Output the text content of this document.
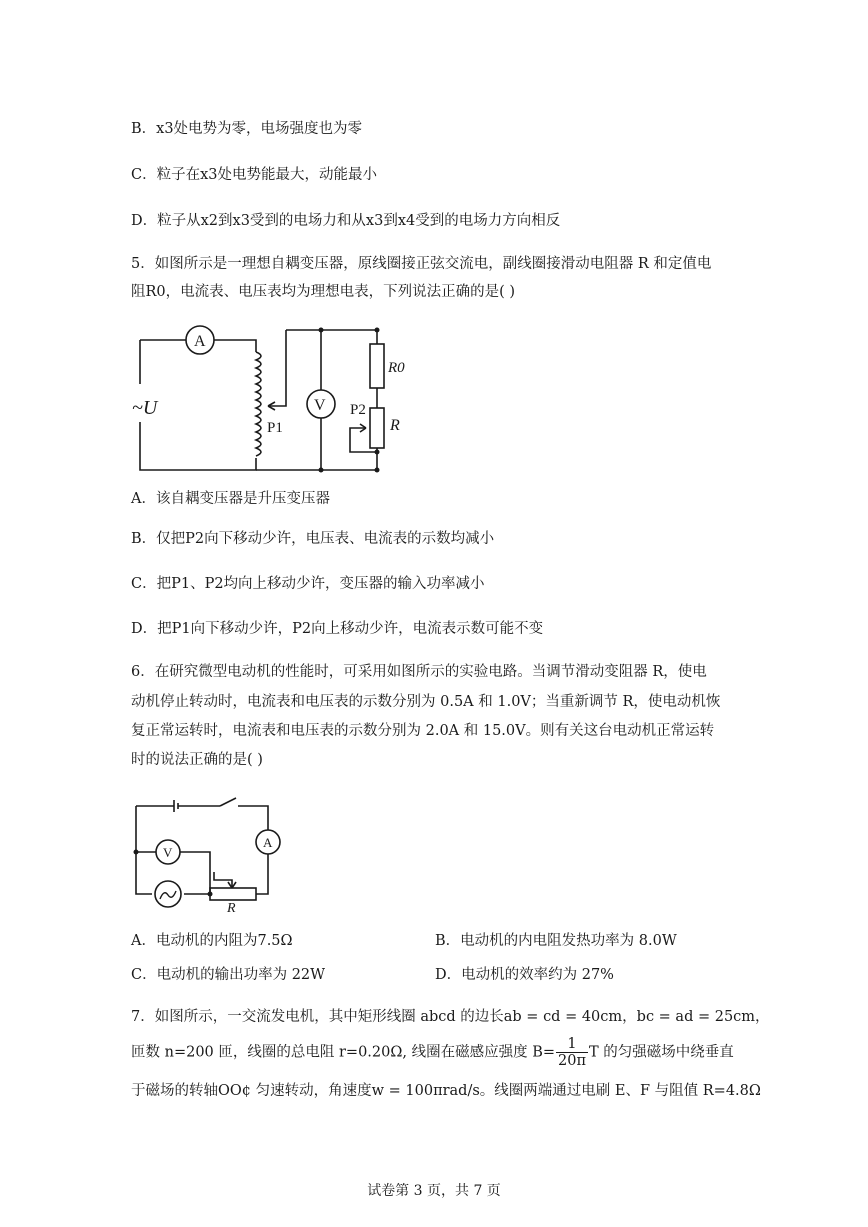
B．x3处电势为零，电场强度也为零
C．粒子在x3处电势能最大，动能最小
D．粒子从x2到x3受到的电场力和从x3到x4受到的电场力方向相反
5．如图所示是一理想自耦变压器，原线圈接正弦交流电，副线圈接滑动电阻器 R 和定值电
阻R0，电流表、电压表均为理想电表，下列说法正确的是( )
A
V
~U
P1
P2
R0
R
A．该自耦变压器是升压变压器
B．仅把P2向下移动少许，电压表、电流表的示数均减小
C．把P1、P2均向上移动少许，变压器的输入功率减小
D．把P1向下移动少许，P2向上移动少许，电流表示数可能不变
6．在研究微型电动机的性能时，可采用如图所示的实验电路。当调节滑动变阻器 R，使电
动机停止转动时，电流表和电压表的示数分别为 0.5A 和 1.0V；当重新调节 R，使电动机恢
复正常运转时，电流表和电压表的示数分别为 2.0A 和 15.0V。则有关这台电动机正常运转
时的说法正确的是( )
V
A
R
A．电动机的内阻为7.5Ω	B．电动机的内电阻发热功率为 8.0W
C．电动机的输出功率为 22W	D．电动机的效率约为 27%
7．如图所示，一交流发电机，其中矩形线圈 abcd 的边长ab = cd = 40cm，bc = ad = 25cm，
匝数 n=200 匝，线圈的总电阻 r=0.20Ω, 线圈在磁感应强度 $B= \frac{1}{20\pi}$ T 的匀强磁场中绕垂直
于磁场的转轴OO¢ 匀速转动，角速度w = 100πrad/s。线圈两端通过电刷 E、F 与阻值 R=4.8Ω
试卷第 3 页，共 7 页
